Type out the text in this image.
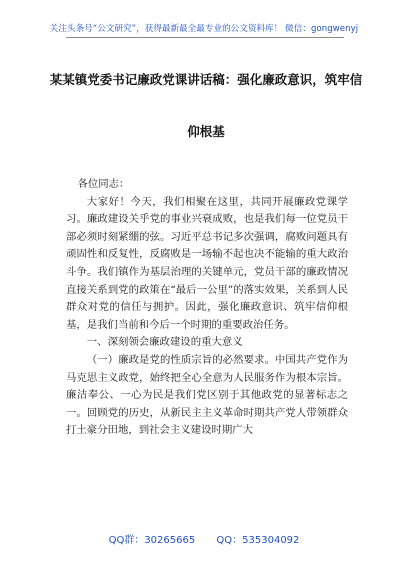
关注头条号“公文研究”，获得最新最全最专业的公文资料库！ 微信：gongwenyj
某某镇党委书记廉政党课讲话稿：强化廉政意识，筑牢信
仰根基

各位同志：

大家好！今天，我们相聚在这里，共同开展廉政党课学习。廉政建设关乎党的事业兴衰成败，也是我们每一位党员干部必须时刻紧绷的弦。习近平总书记多次强调，腐败问题具有顽固性和反复性，反腐败是一场输不起也决不能输的重大政治斗争。我们镇作为基层治理的关键单元，党员干部的廉政情况直接关系到党的政策在“最后一公里”的落实效果，关系到人民群众对党的信任与拥护。因此，强化廉政意识、筑牢信仰根基，是我们当前和今后一个时期的重要政治任务。

一、深刻领会廉政建设的重大意义

（一）廉政是党的性质宗旨的必然要求。中国共产党作为马克思主义政党，始终把全心全意为人民服务作为根本宗旨。廉洁奉公、一心为民是我们党区别于其他政党的显著标志之一。回顾党的历史，从新民主主义革命时期共产党人带领群众打土豪分田地，到社会主义建设时期广大

QQ群：30265665 QQ：535304092
